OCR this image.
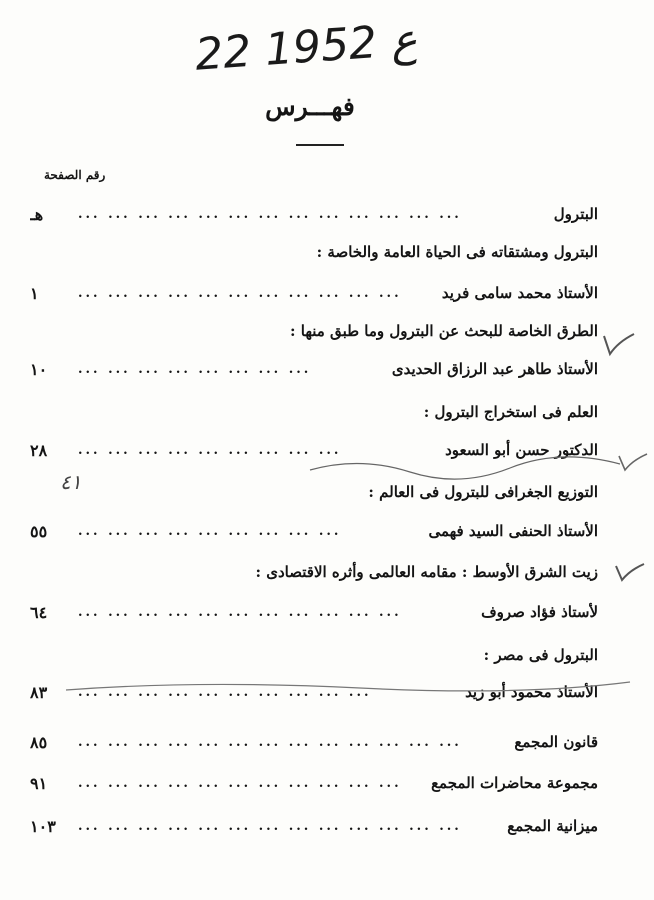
22 ع 1952
فهـــرس
رقم الصفحة
البترول
... ... ... ... ... ... ... ... ... ... ... ... ...
هـ
البترول ومشتقاته فى الحياة العامة والخاصة :
الأستاذ محمد سامى فريد
... ... ... ... ... ... ... ... ... ... ...
١
الطرق الخاصة للبحث عن البترول وما طبق منها :
الأستاذ طاهر عبد الرزاق الحديدى
... ... ... ... ... ... ... ...
١٠
العلم فى استخراج البترول :
الدكتور حسن أبو السعود
... ... ... ... ... ... ... ... ...
٢٨
٤١	التوزيع الجغرافى للبترول فى العالم :
الأستاذ الحنفى السيد فهمى
... ... ... ... ... ... ... ... ...
٥٥
زيت الشرق الأوسط : مقامه العالمى وأثره الاقتصادى :
لأستاذ فؤاد صروف
... ... ... ... ... ... ... ... ... ... ...
٦٤
البترول فى مصر :
الأستاذ محمود أبو زيد
... ... ... ... ... ... ... ... ... ...
٨٣
قانون المجمع
... ... ... ... ... ... ... ... ... ... ... ... ...
٨٥
مجموعة محاضرات المجمع
... ... ... ... ... ... ... ... ... ... ...
٩١
ميزانية المجمع
... ... ... ... ... ... ... ... ... ... ... ... ...
١٠٣
